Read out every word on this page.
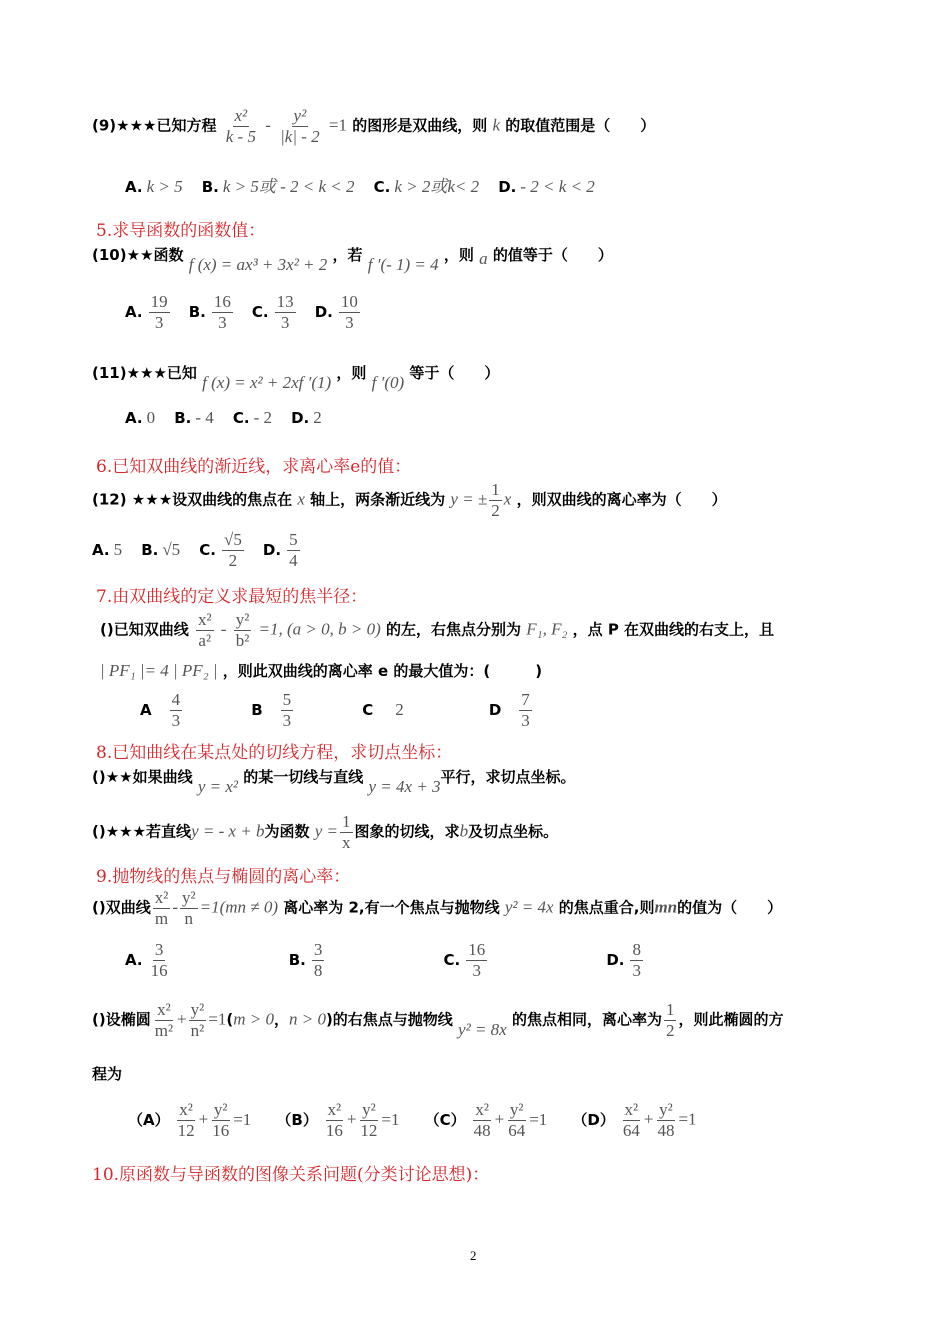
(9)★★★已知方程 $\frac{\text{x²}}{k - 5} - \frac{\text{y²}}{|k| - 2} =1$ 的图形是双曲线，则 k 的取值范围是（　　）
A. k > 5 B. k > 5或 - 2 < k < 2 C. k > 2或k< 2 D. - 2 < k < 2
5.求导函数的函数值：
(10)★★函数 f (x) = ax³ + 3x² + 2 ，若 f ′(- 1) = 4 ，则 a 的值等于（　　）
A. $\frac{19}{3} B$. $\frac{16}{3} C$. $\frac{13}{3} D$. $\frac{10}{3}$
(11)★★★已知 f (x) = x² + 2xf ′(1) ，则 f ′(0) 等于（　　）
A. 0 B. - 4 C. - 2 D. 2
6.已知双曲线的渐近线，求离心率e的值：
(12) ★★★设双曲线的焦点在 x 轴上，两条渐近线为 y = ± $\frac{1}{2}$ x ，则双曲线的离心率为（　　）
A. 5 B. √5 C. $\frac{√5}{2} D$. $\frac{5}{4}$
7.由双曲线的定义求最短的焦半径：
()已知双曲线 $\frac{\text{x²}}{\text{a²}} - \frac{\text{y²}}{\text{b²}} =1$, (a > 0, b > 0) 的左，右焦点分别为 F₁, F₂ ，点 P 在双曲线的右支上，且
| PF₁ |= 4 | PF₂ | ，则此双曲线的离心率 e 的最大值为：(　　　)
A $\frac{4}{3}$	B $\frac{5}{3}$	C 2	D $\frac{7}{3}$
8.已知曲线在某点处的切线方程，求切点坐标：
()★★如果曲线 y = x² 的某一切线与直线 y = 4x + 3平行，求切点坐标。
()★★★若直线y = - x + b为函数 $y = \frac{1}{x}$ 图象的切线，求b及切点坐标。
9.抛物线的焦点与椭圆的离心率：
()双曲线 $\frac{\text{x²}}{m} - \frac{\text{y²}}{n} =1(mn \ne 0)$ 离心率为 2,有一个焦点与抛物线 y² = 4x 的焦点重合,则mn的值为（　　）
A. $\frac{3}{16}$	B. $\frac{3}{8}$	C. $\frac{16}{3}$	D. $\frac{8}{3}$
()设椭圆 $\frac{\text{x²}}{\text{m²}} + \frac{\text{y²}}{\text{n²}} =1(m > 0$，n > 0)的右焦点与抛物线 y² = 8x 的焦点相同，离心率为 $\frac{1}{2}$ ，则此椭圆的方
程为
$(A) \frac{\text{x²}}{12} + \frac{\text{y²}}{16} =1$ $(B) \frac{\text{x²}}{16} + \frac{\text{y²}}{12} =1$ $(C) \frac{\text{x²}}{48} + \frac{\text{y²}}{64} =1$ $(D) \frac{\text{x²}}{64} + \frac{\text{y²}}{48} =1$
10.原函数与导函数的图像关系问题(分类讨论思想)：
2
